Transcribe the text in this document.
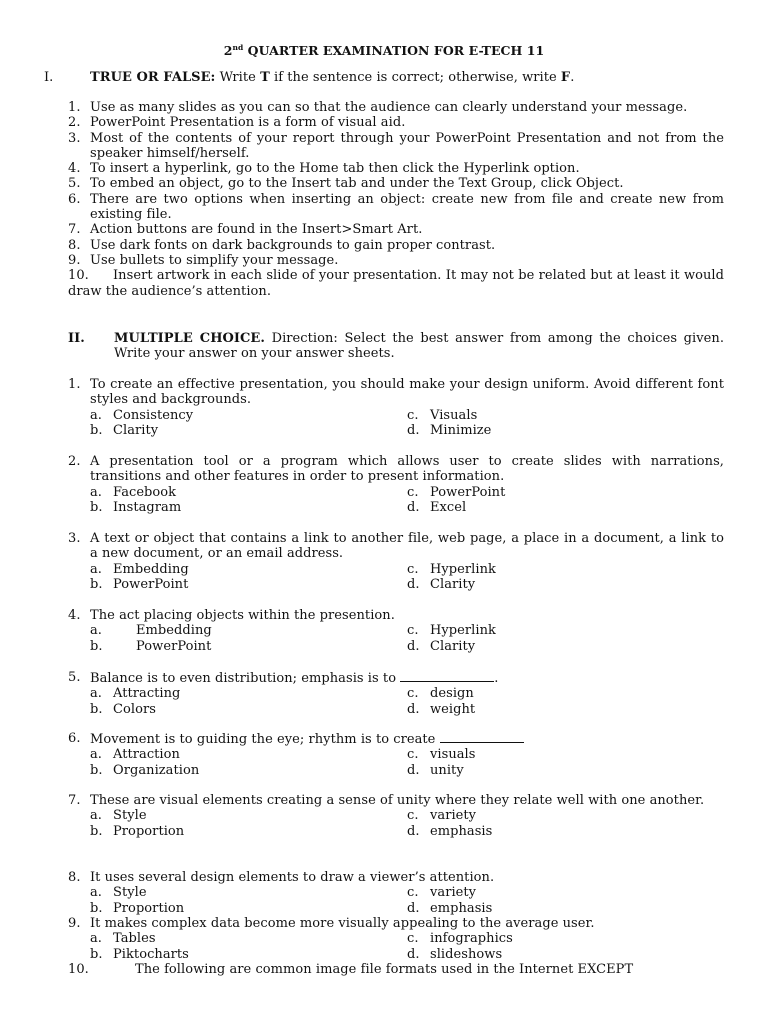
2nd QUARTER EXAMINATION FOR E-TECH 11
I.	TRUE OR FALSE: Write T if the sentence is correct; otherwise, write F.
1. Use as many slides as you can so that the audience can clearly understand your message.
2. PowerPoint Presentation is a form of visual aid.
3. Most of the contents of your report through your PowerPoint Presentation and not from the speaker himself/herself.
4. To insert a hyperlink, go to the Home tab then click the Hyperlink option.
5. To embed an object, go to the Insert tab and under the Text Group, click Object.
6. There are two options when inserting an object: create new from file and create new from existing file.
7. Action buttons are found in the Insert>Smart Art.
8. Use dark fonts on dark backgrounds to gain proper contrast.
9. Use bullets to simplify your message.
10.	Insert artwork in each slide of your presentation. It may not be related but at least it would draw the audience’s attention.
II.	MULTIPLE CHOICE. Direction: Select the best answer from among the choices given. Write your answer on your answer sheets.
1. To create an effective presentation, you should make your design uniform. Avoid different font styles and backgrounds.
a. Consistency
b. Clarity
c. Visuals
d. Minimize
2. A presentation tool or a program which allows user to create slides with narrations, transitions and other features in order to present information.
a. Facebook
b. Instagram
c. PowerPoint
d. Excel
3. A text or object that contains a link to another file, web page, a place in a document, a link to a new document, or an email address.
a. Embedding
b. PowerPoint
c. Hyperlink
d. Clarity
4. The act placing objects within the presention.
a.	Embedding
b.	PowerPoint
c. Hyperlink
d. Clarity
5. Balance is to even distribution; emphasis is to	.
a. Attracting
b. Colors
c. design
d. weight
6. Movement is to guiding the eye; rhythm is to create
a. Attraction
b. Organization
c. visuals
d. unity
7. These are visual elements creating a sense of unity where they relate well with one another.
a. Style
b. Proportion
c. variety
d. emphasis
8. It uses several design elements to draw a viewer’s attention.
a. Style
b. Proportion
c. variety
d. emphasis
9. It makes complex data become more visually appealing to the average user.
a. Tables
b. Piktocharts
c. infographics
d. slideshows
10.	The following are common image file formats used in the Internet EXCEPT
